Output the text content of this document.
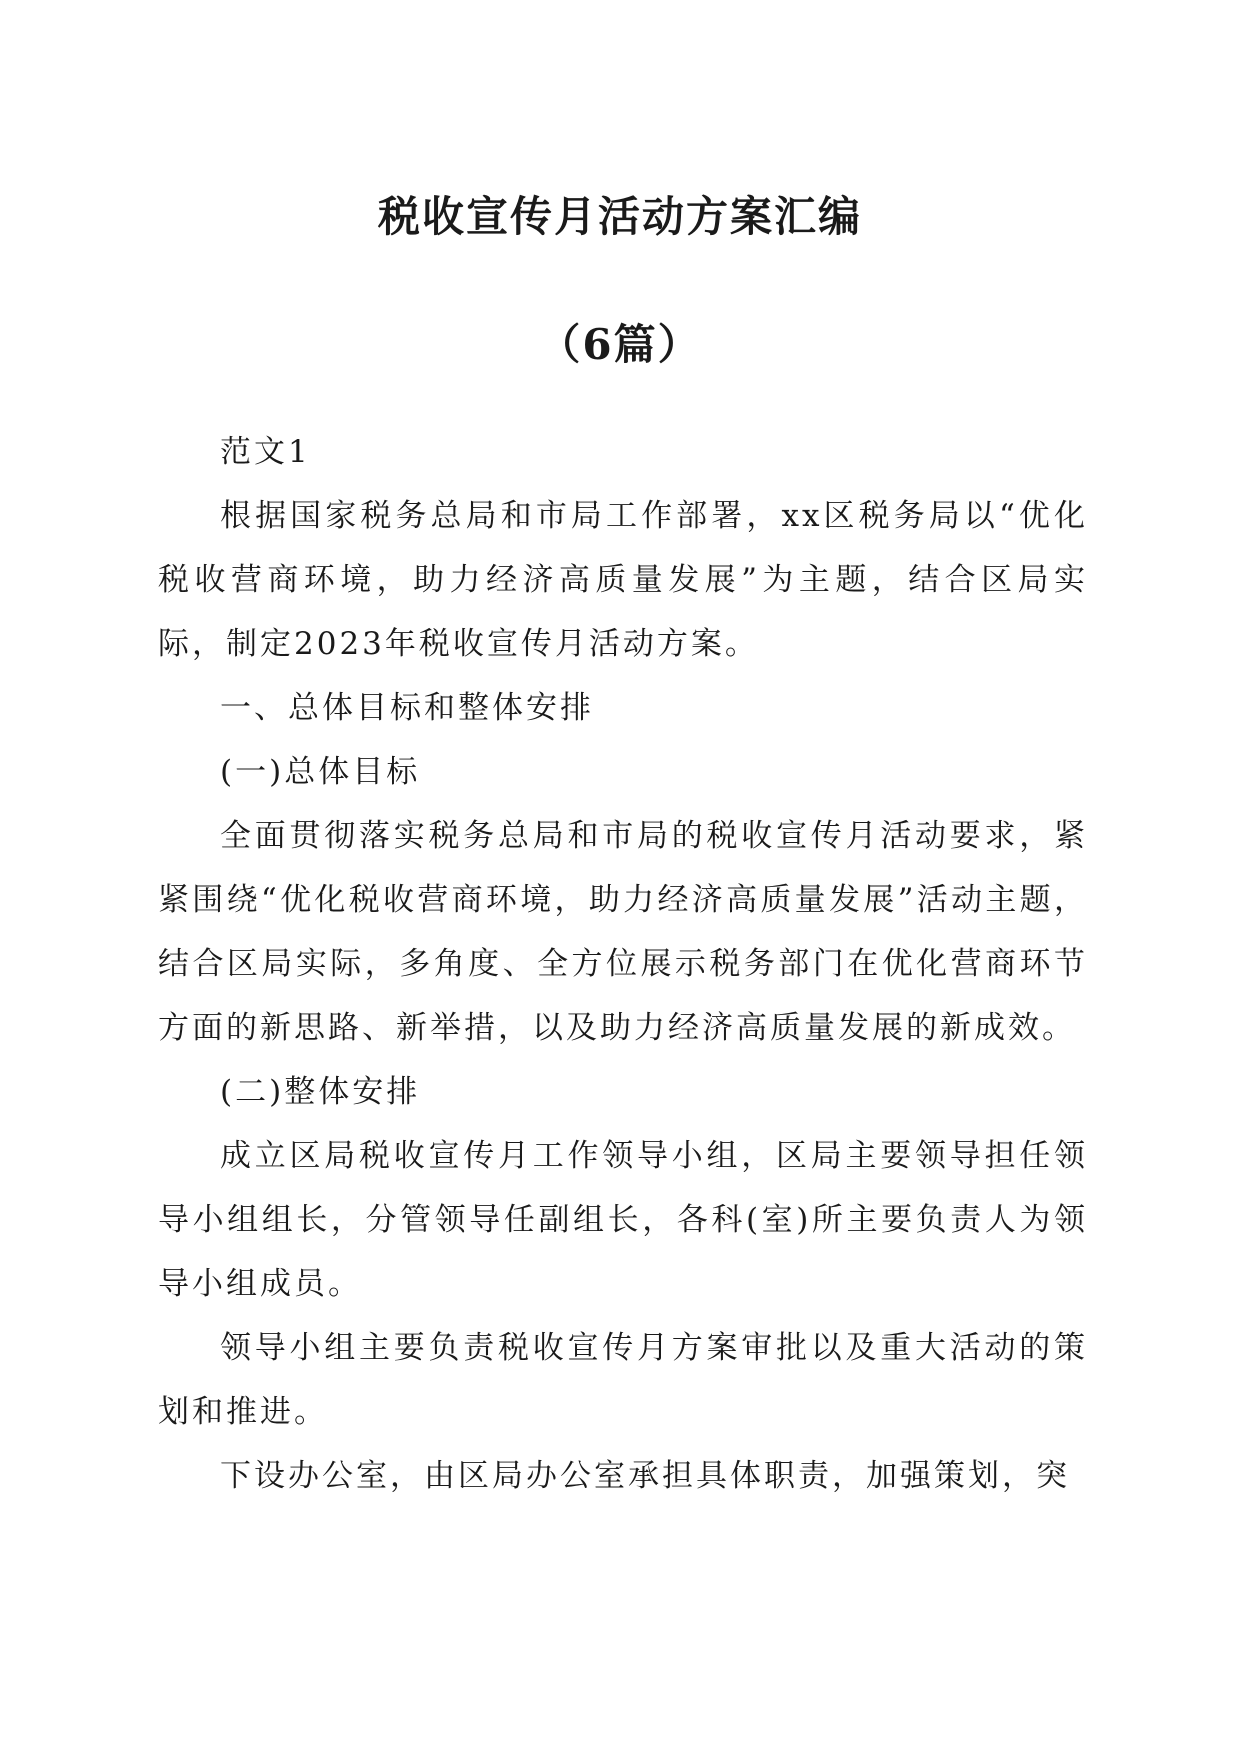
税收宣传月活动方案汇编
（6篇）

范文1

根据国家税务总局和市局工作部署，xx区税务局以“优化税收营商环境，助力经济高质量发展”为主题，结合区局实际，制定2023年税收宣传月活动方案。

一、总体目标和整体安排

(一)总体目标

全面贯彻落实税务总局和市局的税收宣传月活动要求，紧紧围绕“优化税收营商环境，助力经济高质量发展”活动主题，结合区局实际，多角度、全方位展示税务部门在优化营商环节方面的新思路、新举措，以及助力经济高质量发展的新成效。

(二)整体安排

成立区局税收宣传月工作领导小组，区局主要领导担任领导小组组长，分管领导任副组长，各科(室)所主要负责人为领导小组成员。

领导小组主要负责税收宣传月方案审批以及重大活动的策划和推进。

下设办公室，由区局办公室承担具体职责，加强策划，突
